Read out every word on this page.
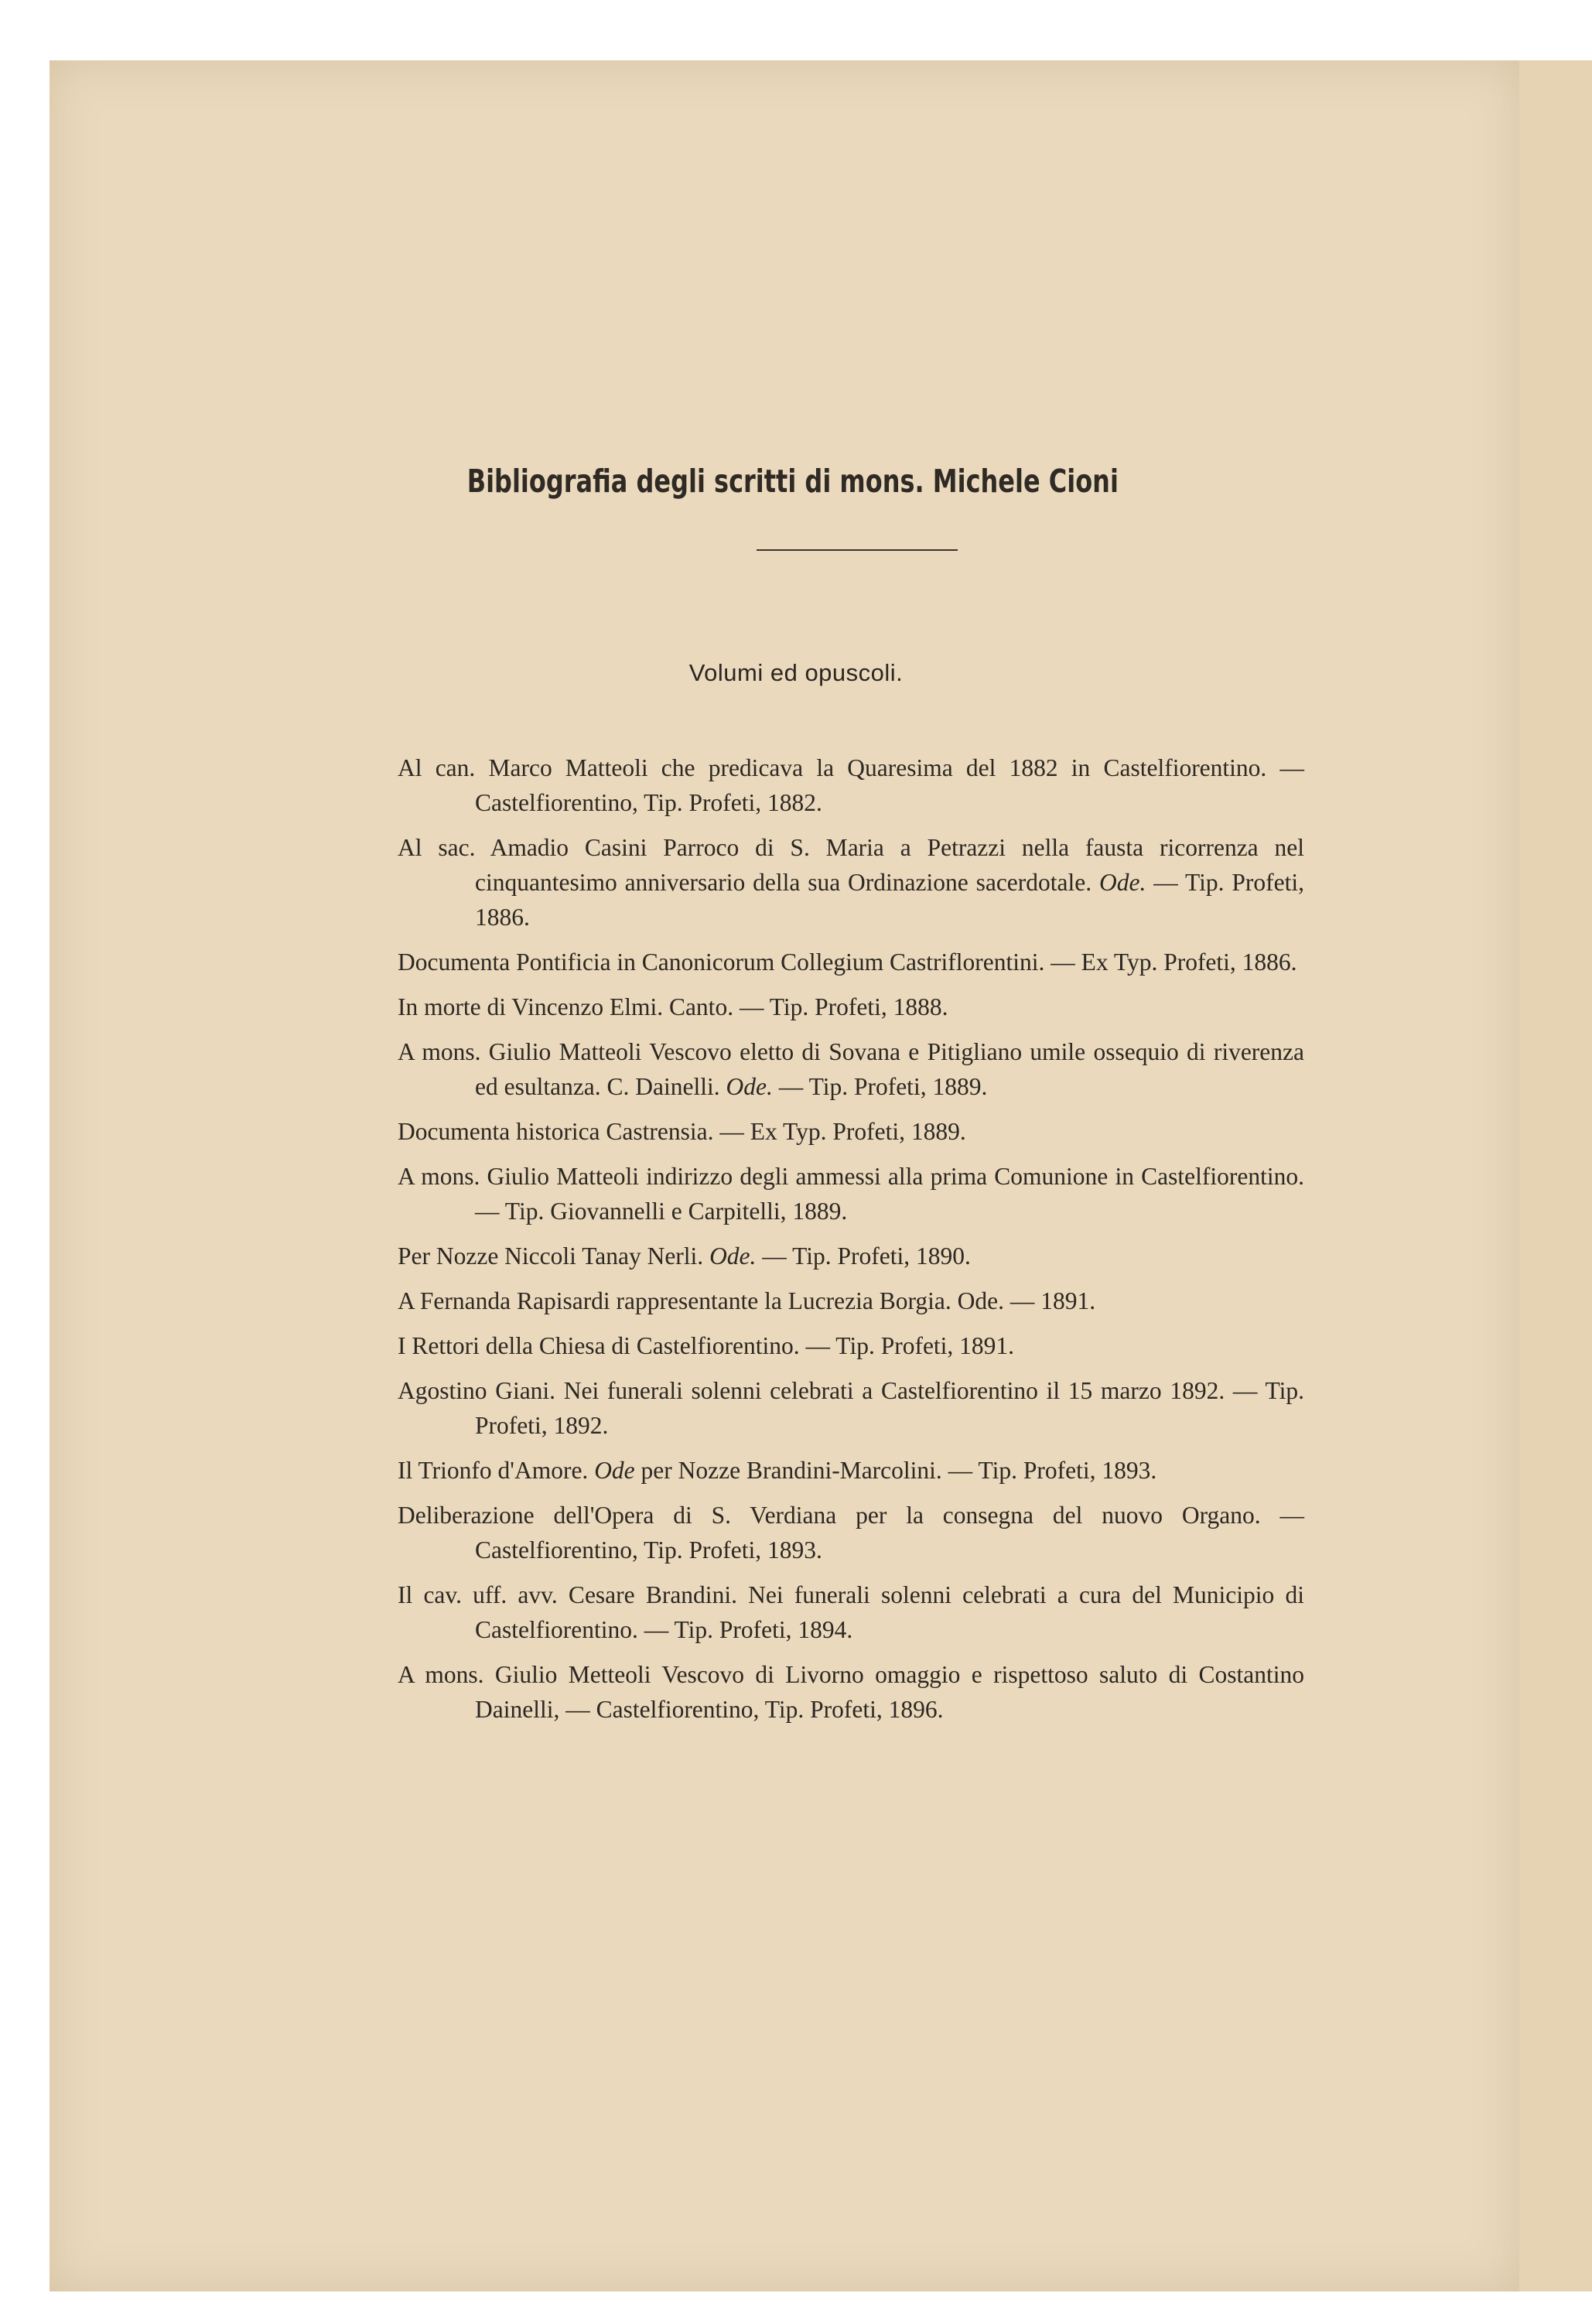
Bibliografia degli scritti di mons. Michele Cioni
Volumi ed opuscoli.
Al can. Marco Matteoli che predicava la Quaresima del 1882 in Castelfiorentino. — Castelfiorentino, Tip. Profeti, 1882.
Al sac. Amadio Casini Parroco di S. Maria a Petrazzi nella fausta ricorrenza nel cinquantesimo anniversario della sua Ordinazione sacerdotale. Ode. — Tip. Profeti, 1886.
Documenta Pontificia in Canonicorum Collegium Castriflorentini. — Ex Typ. Profeti, 1886.
In morte di Vincenzo Elmi. Canto. — Tip. Profeti, 1888.
A mons. Giulio Matteoli Vescovo eletto di Sovana e Pitigliano umile ossequio di riverenza ed esultanza. C. Dainelli. Ode. — Tip. Profeti, 1889.
Documenta historica Castrensia. — Ex Typ. Profeti, 1889.
A mons. Giulio Matteoli indirizzo degli ammessi alla prima Comunione in Castelfiorentino. — Tip. Giovannelli e Carpitelli, 1889.
Per Nozze Niccoli Tanay Nerli. Ode. — Tip. Profeti, 1890.
A Fernanda Rapisardi rappresentante la Lucrezia Borgia. Ode. — 1891.
I Rettori della Chiesa di Castelfiorentino. — Tip. Profeti, 1891.
Agostino Giani. Nei funerali solenni celebrati a Castelfiorentino il 15 marzo 1892. — Tip. Profeti, 1892.
Il Trionfo d'Amore. Ode per Nozze Brandini-Marcolini. — Tip. Profeti, 1893.
Deliberazione dell'Opera di S. Verdiana per la consegna del nuovo Organo. — Castelfiorentino, Tip. Profeti, 1893.
Il cav. uff. avv. Cesare Brandini. Nei funerali solenni celebrati a cura del Municipio di Castelfiorentino. — Tip. Profeti, 1894.
A mons. Giulio Metteoli Vescovo di Livorno omaggio e rispettoso saluto di Costantino Dainelli, — Castelfiorentino, Tip. Profeti, 1896.
